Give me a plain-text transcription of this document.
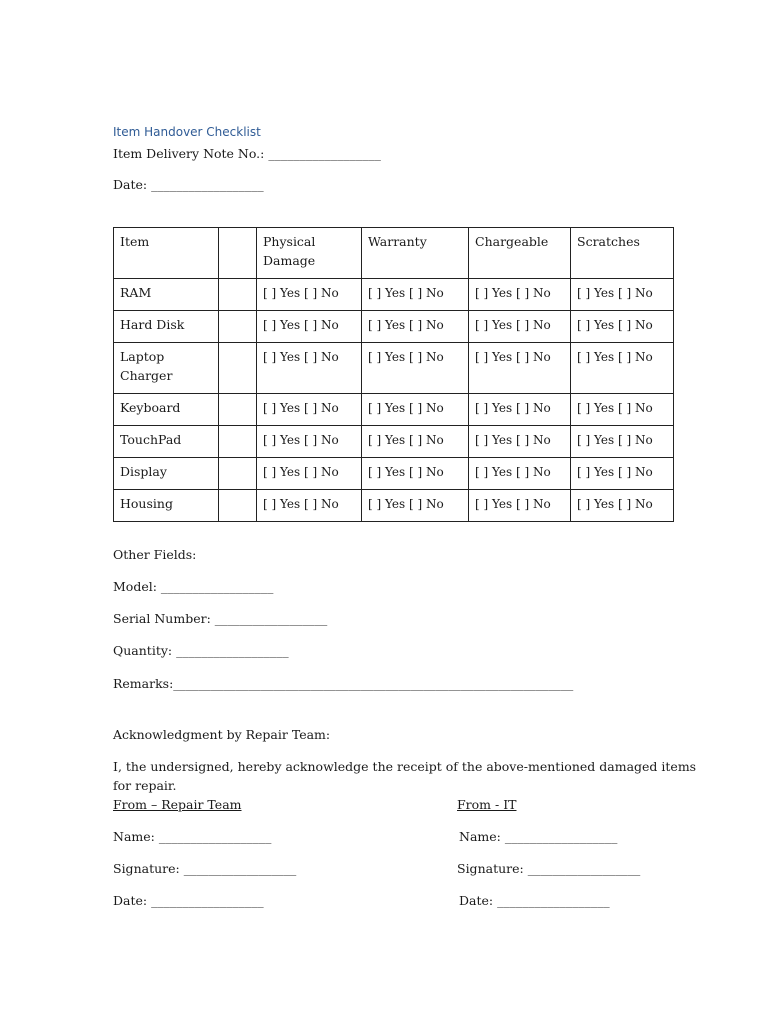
Item Handover Checklist
Item Delivery Note No.: __________________
Date: __________________
Item		Physical Damage	Warranty	Chargeable	Scratches
RAM		[ ] Yes [ ] No	[ ] Yes [ ] No	[ ] Yes [ ] No	[ ] Yes [ ] No
Hard Disk		[ ] Yes [ ] No	[ ] Yes [ ] No	[ ] Yes [ ] No	[ ] Yes [ ] No
Laptop Charger		[ ] Yes [ ] No	[ ] Yes [ ] No	[ ] Yes [ ] No	[ ] Yes [ ] No
Keyboard		[ ] Yes [ ] No	[ ] Yes [ ] No	[ ] Yes [ ] No	[ ] Yes [ ] No
TouchPad		[ ] Yes [ ] No	[ ] Yes [ ] No	[ ] Yes [ ] No	[ ] Yes [ ] No
Display		[ ] Yes [ ] No	[ ] Yes [ ] No	[ ] Yes [ ] No	[ ] Yes [ ] No
Housing		[ ] Yes [ ] No	[ ] Yes [ ] No	[ ] Yes [ ] No	[ ] Yes [ ] No
Other Fields:
Model: __________________
Serial Number: __________________
Quantity: __________________
Remarks:________________________________________________________________
Acknowledgment by Repair Team:
I, the undersigned, hereby acknowledge the receipt of the above-mentioned damaged items
for repair.
From – Repair Team	From - IT
Name: __________________	Name: __________________
Signature: __________________	Signature: __________________
Date: __________________	Date: __________________
